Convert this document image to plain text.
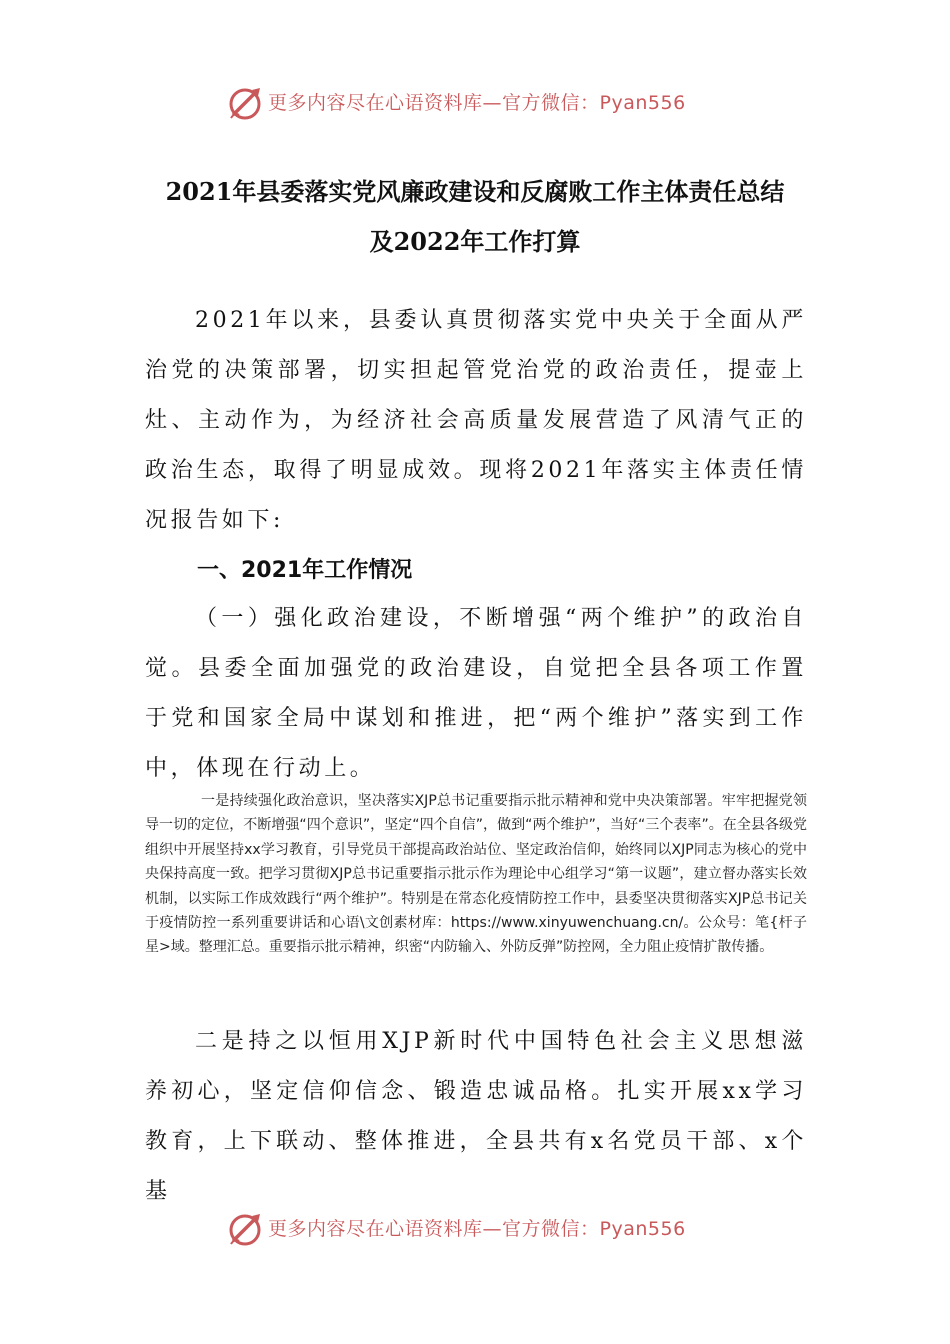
更多内容尽在心语资料库—官方微信：Pyan556
2021年县委落实党风廉政建设和反腐败工作主体责任总结
及2022年工作打算

2021年以来，县委认真贯彻落实党中央关于全面从严治党的决策部署，切实担起管党治党的政治责任，提壶上灶、主动作为，为经济社会高质量发展营造了风清气正的政治生态，取得了明显成效。现将2021年落实主体责任情况报告如下:

一、2021年工作情况

（一）强化政治建设，不断增强“两个维护”的政治自觉。县委全面加强党的政治建设，自觉把全县各项工作置于党和国家全局中谋划和推进，把“两个维护”落实到工作中，体现在行动上。

一是持续强化政治意识，坚决落实XJP总书记重要指示批示精神和党中央决策部署。牢牢把握党领导一切的定位，不断增强“四个意识”，坚定“四个自信”，做到“两个维护”，当好“三个表率”。在全县各级党组织中开展坚持xx学习教育，引导党员干部提高政治站位、坚定政治信仰，始终同以XJP同志为核心的党中央保持高度一致。把学习贯彻XJP总书记重要指示批示作为理论中心组学习“第一议题”，建立督办落实长效机制，以实际工作成效践行“两个维护”。特别是在常态化疫情防控工作中，县委坚决贯彻落实XJP总书记关于疫情防控一系列重要讲话和心语\文创素材库：https://www.xinyuwenchuang.cn/。公众号：笔{杆子星>域。整理汇总。重要指示批示精神，织密“内防输入、外防反弹”防控网，全力阻止疫情扩散传播。

二是持之以恒用XJP新时代中国特色社会主义思想滋养初心，坚定信仰信念、锻造忠诚品格。扎实开展xx学习教育，上下联动、整体推进，全县共有x名党员干部、x个基

更多内容尽在心语资料库—官方微信：Pyan556
